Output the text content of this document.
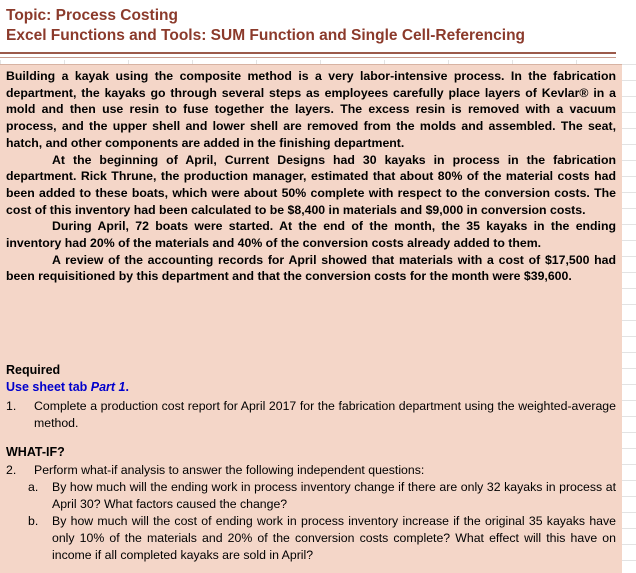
Topic: Process Costing
Excel Functions and Tools: SUM Function and Single Cell-Referencing

Building a kayak using the composite method is a very labor-intensive process. In the fabrication department, the kayaks go through several steps as employees carefully place layers of Kevlar® in a mold and then use resin to fuse together the layers. The excess resin is removed with a vacuum process, and the upper shell and lower shell are removed from the molds and assembled. The seat, hatch, and other components are added in the finishing department.

At the beginning of April, Current Designs had 30 kayaks in process in the fabrication department. Rick Thrune, the production manager, estimated that about 80% of the material costs had been added to these boats, which were about 50% complete with respect to the conversion costs. The cost of this inventory had been calculated to be $8,400 in materials and $9,000 in conversion costs.

During April, 72 boats were started. At the end of the month, the 35 kayaks in the ending inventory had 20% of the materials and 40% of the conversion costs already added to them.

A review of the accounting records for April showed that materials with a cost of $17,500 had been requisitioned by this department and that the conversion costs for the month were $39,600.

Required
Use sheet tab Part 1.
1. Complete a production cost report for April 2017 for the fabrication department using the weighted-average method.
WHAT-IF?
2. Perform what-if analysis to answer the following independent questions:
a. By how much will the ending work in process inventory change if there are only 32 kayaks in process at April 30? What factors caused the change?
b. By how much will the cost of ending work in process inventory increase if the original 35 kayaks have only 10% of the materials and 20% of the conversion costs complete? What effect will this have on income if all completed kayaks are sold in April?
